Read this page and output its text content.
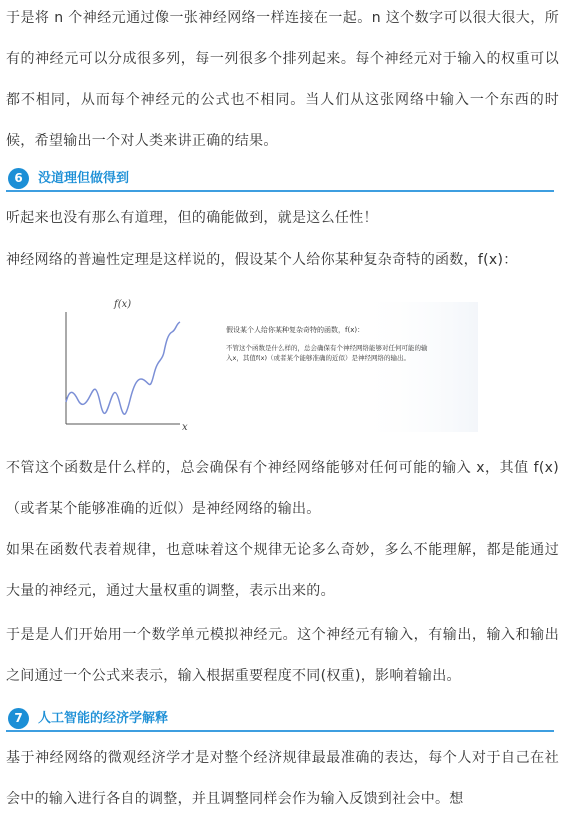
于是将 n 个神经元通过像一张神经网络一样连接在一起。n 这个数字可以很大很大，所有的神经元可以分成很多列，每一列很多个排列起来。每个神经元对于输入的权重可以都不相同，从而每个神经元的公式也不相同。当人们从这张网络中输入一个东西的时候，希望输出一个对人类来讲正确的结果。

6	没道理但做得到

听起来也没有那么有道理，但的确能做到，就是这么任性！

神经网络的普遍性定理是这样说的，假设某个人给你某种复杂奇特的函数，f(x)：

f(x)
x
假设某个人给你某种复杂奇特的函数，f(x)：
不管这个函数是什么样的，总会确保有个神经网络能够对任何可能的输
入x，其值f(x)（或者某个能够准确的近似）是神经网络的输出。

不管这个函数是什么样的，总会确保有个神经网络能够对任何可能的输入 x，其值 f(x)（或者某个能够准确的近似）是神经网络的输出。

如果在函数代表着规律，也意味着这个规律无论多么奇妙，多么不能理解，都是能通过大量的神经元，通过大量权重的调整，表示出来的。

于是是人们开始用一个数学单元模拟神经元。这个神经元有输入，有输出，输入和输出之间通过一个公式来表示，输入根据重要程度不同(权重)，影响着输出。

7	人工智能的经济学解释

基于神经网络的微观经济学才是对整个经济规律最最准确的表达，每个人对于自己在社会中的输入进行各自的调整，并且调整同样会作为输入反馈到社会中。想
